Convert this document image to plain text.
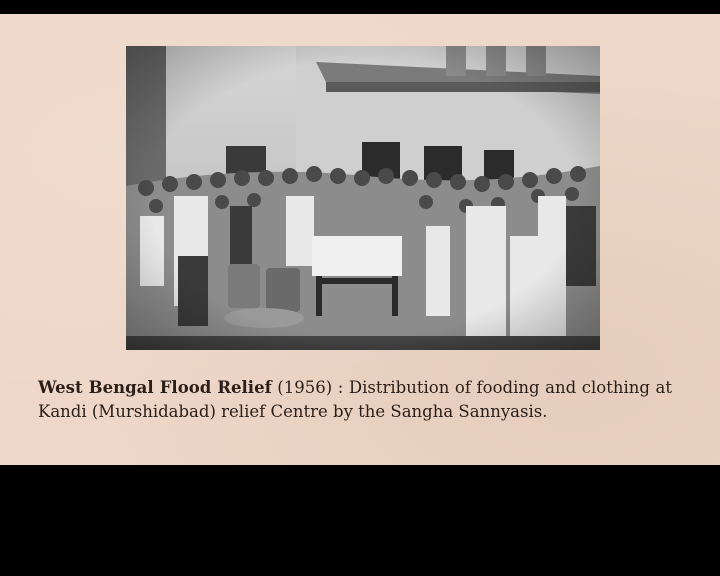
West Bengal Flood Relief (1956) : Distribution of fooding and clothing at Kandi (Murshidabad) relief Centre by the Sangha Sannyasis.
